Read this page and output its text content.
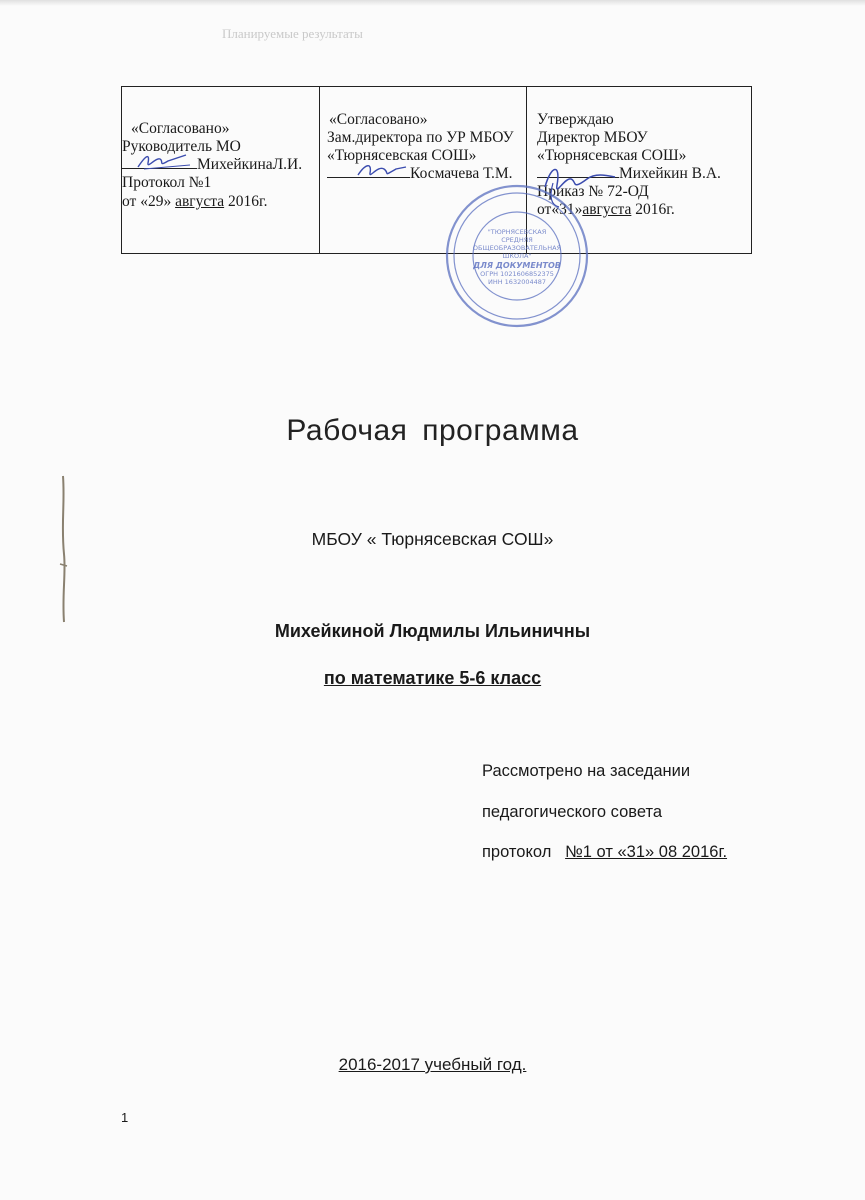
Планируемые результаты
«Согласовано»
Руководитель МО
МихейкинаЛ.И.
Протокол №1
от «29» августа 2016г.
«Согласовано»
Зам.директора по УР МБОУ
«Тюрнясевская СОШ»
Космачева Т.М.
Утверждаю
Директор МБОУ
«Тюрнясевская СОШ»
Михейкин В.А.
Приказ № 72-ОД
от«31»августа 2016г.
"ТЮРНЯСЕВСКАЯ
СРЕДНЯЯ
ОБЩЕОБРАЗОВАТЕЛЬНАЯ
ШКОЛА"
ДЛЯ ДОКУМЕНТОВ
ОГРН 1021606852375
ИНН 1632004487
Рабочая программа
МБОУ « Тюрнясевская СОШ»
Михейкиной Людмилы Ильиничны
по математике 5-6 класс
Рассмотрено на заседании
педагогического совета
протокол №1 от «31» 08 2016г.
2016-2017 учебный год.
1
